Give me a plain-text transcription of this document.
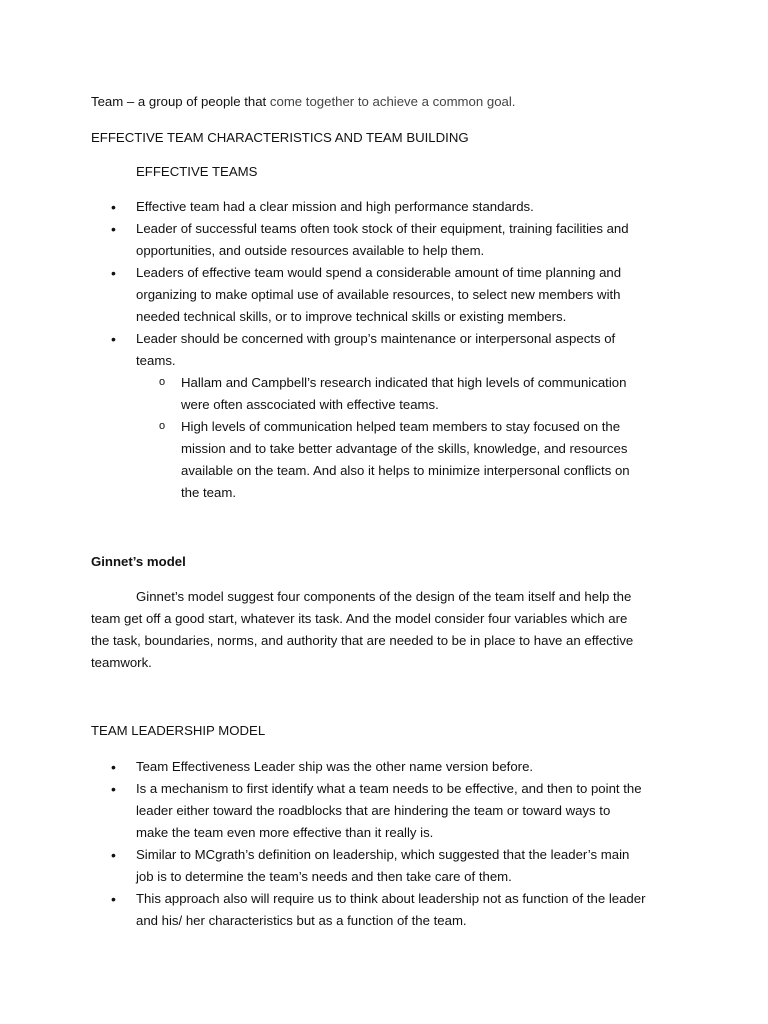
Team – a group of people that come together to achieve a common goal.
EFFECTIVE TEAM CHARACTERISTICS AND TEAM BUILDING
EFFECTIVE TEAMS
• Effective team had a clear mission and high performance standards.
• Leader of successful teams often took stock of their equipment, training facilities and
opportunities, and outside resources available to help them.
• Leaders of effective team would spend a considerable amount of time planning and
organizing to make optimal use of available resources, to select new members with
needed technical skills, or to improve technical skills or existing members.
• Leader should be concerned with group’s maintenance or interpersonal aspects of
teams.
o Hallam and Campbell’s research indicated that high levels of communication
were often asscociated with effective teams.
o High levels of communication helped team members to stay focused on the
mission and to take better advantage of the skills, knowledge, and resources
available on the team. And also it helps to minimize interpersonal conflicts on
the team.
Ginnet’s model
Ginnet’s model suggest four components of the design of the team itself and help the
team get off a good start, whatever its task. And the model consider four variables which are
the task, boundaries, norms, and authority that are needed to be in place to have an effective
teamwork.
TEAM LEADERSHIP MODEL
• Team Effectiveness Leader ship was the other name version before.
• Is a mechanism to first identify what a team needs to be effective, and then to point the
leader either toward the roadblocks that are hindering the team or toward ways to
make the team even more effective than it really is.
• Similar to MCgrath’s definition on leadership, which suggested that the leader’s main
job is to determine the team’s needs and then take care of them.
• This approach also will require us to think about leadership not as function of the leader
and his/ her characteristics but as a function of the team.
